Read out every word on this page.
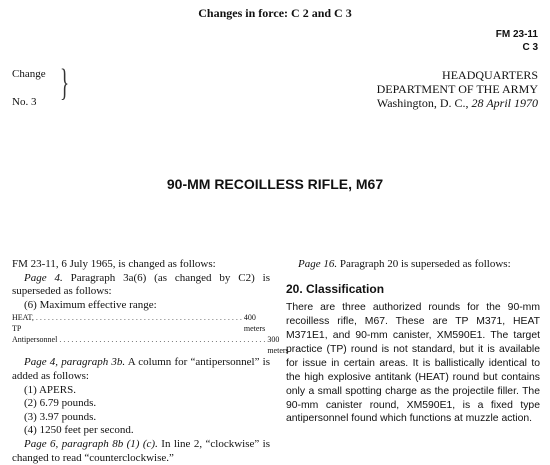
Changes in force: C 2 and C 3
FM 23-11
C 3
Change
No. 3 }	HEADQUARTERS
DEPARTMENT OF THE ARMY
Washington, D. C., 28 April 1970
90-MM RECOILLESS RIFLE, M67

FM 23-11, 6 July 1965, is changed as follows:

Page 4. Paragraph 3a(6) (as changed by C2) is superseded as follows:

(6) Maximum effective range:

HEAT, TP
. . . . . . . . . . . . . . . . . . . . . . . . . . . . . . . . . . . . . . . . . . . . . . . . . . . . 400 meters
Antipersonnel . . . . . . . . . . . . . . . . . . . . . . . . . . . . . . . . . . . . . . . . . . . . . . . . . . . . 300 meters

Page 4, paragraph 3b. A column for “antipersonnel” is added as follows:

(1) APERS.

(2) 6.79 pounds.

(3) 3.97 pounds.

(4) 1250 feet per second.

Page 6, paragraph 8b (1) (c). In line 2, “clockwise” is changed to read “counterclockwise.”

Page 16. Paragraph 20 is superseded as follows:

20. Classification

There are three authorized rounds for the 90-mm recoilless rifle, M67. These are TP M371, HEAT M371E1, and 90-mm canister, XM590E1. The target practice (TP) round is not standard, but it is available for issue in certain areas. It is ballistically identical to the high explosive antitank (HEAT) round but contains only a small spotting charge as the projectile filler. The 90-mm canister round, XM590E1, is a fixed type antipersonnel found which functions at muzzle action.
